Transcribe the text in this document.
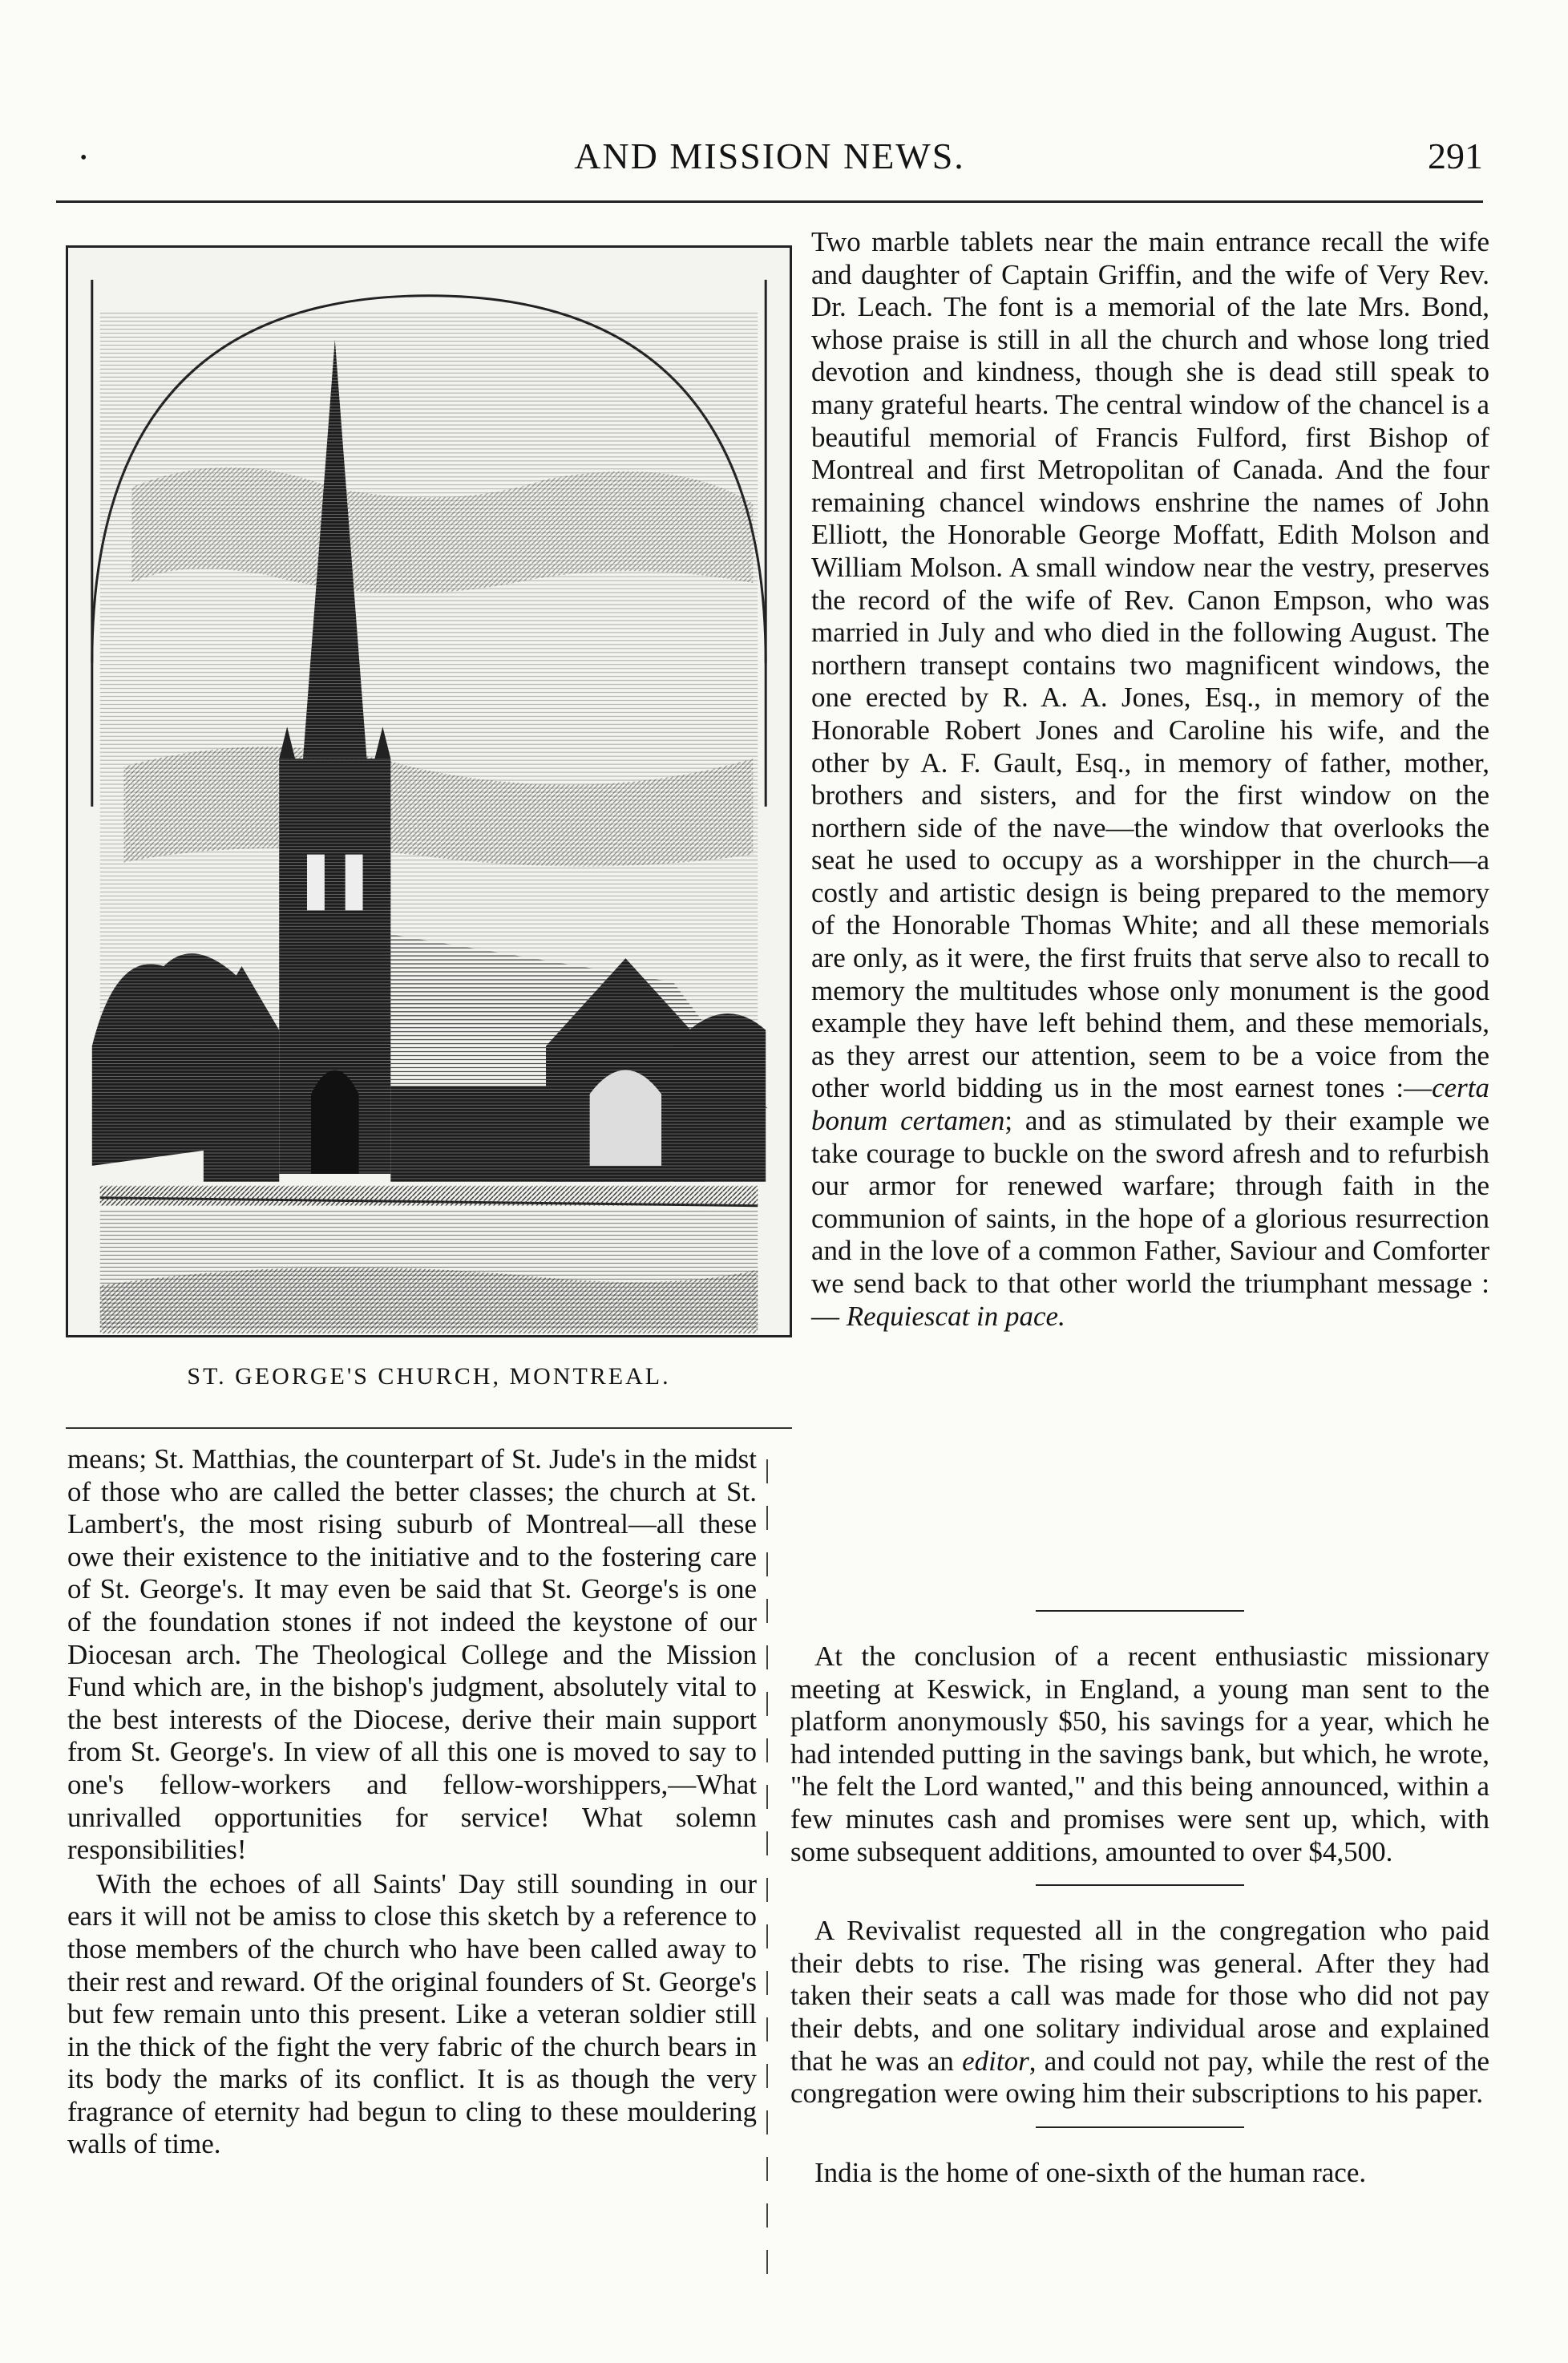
•	AND MISSION NEWS.	291
ST. GEORGE'S CHURCH, MONTREAL.

Two marble tablets near the main entrance recall the wife and daughter of Captain Griffin, and the wife of Very Rev. Dr. Leach. The font is a memorial of the late Mrs. Bond, whose praise is still in all the church and whose long tried devotion and kindness, though she is dead still speak to many grateful hearts. The central window of the chancel is a beautiful memorial of Francis Fulford, first Bishop of Montreal and first Metropolitan of Canada. And the four remaining chancel windows enshrine the names of John Elliott, the Honorable George Moffatt, Edith Molson and William Molson. A small window near the vestry, preserves the record of the wife of Rev. Canon Empson, who was married in July and who died in the following August. The northern transept contains two magnificent windows, the one erected by R. A. A. Jones, Esq., in memory of the Honorable Robert Jones and Caroline his wife, and the other by A. F. Gault, Esq., in memory of father, mother, brothers and sisters, and for the first window on the northern side of the nave—the window that overlooks the seat he used to occupy as a worshipper in the church—a costly and artistic design is being prepared to the memory of the Honorable Thomas White; and all these memorials are only, as it were, the first fruits that serve also to recall to memory the multitudes whose only monument is the good example they have left behind them, and these memorials, as they arrest our attention, seem to be a voice from the other world bidding us in the most earnest tones :—certa bonum certamen; and as stimulated by their example we take courage to buckle on the sword afresh and to refurbish our armor for renewed warfare; through faith in the communion of saints, in the hope of a glorious resurrection and in the love of a common Father, Saviour and Comforter we send back to that other world the triumphant message :— Requiescat in pace.

means; St. Matthias, the counterpart of St. Jude's in the midst of those who are called the better classes; the church at St. Lambert's, the most rising suburb of Montreal—all these owe their existence to the initiative and to the fostering care of St. George's. It may even be said that St. George's is one of the foundation stones if not indeed the keystone of our Diocesan arch. The Theological College and the Mission Fund which are, in the bishop's judgment, absolutely vital to the best interests of the Diocese, derive their main support from St. George's. In view of all this one is moved to say to one's fellow-workers and fellow-worshippers,—What unrivalled opportunities for service! What solemn responsibilities!

With the echoes of all Saints' Day still sounding in our ears it will not be amiss to close this sketch by a reference to those members of the church who have been called away to their rest and reward. Of the original founders of St. George's but few remain unto this present. Like a veteran soldier still in the thick of the fight the very fabric of the church bears in its body the marks of its conflict. It is as though the very fragrance of eternity had begun to cling to these mouldering walls of time.

At the conclusion of a recent enthusiastic missionary meeting at Keswick, in England, a young man sent to the platform anonymously $50, his savings for a year, which he had intended putting in the savings bank, but which, he wrote, "he felt the Lord wanted," and this being announced, within a few minutes cash and promises were sent up, which, with some subsequent additions, amounted to over $4,500.

A Revivalist requested all in the congregation who paid their debts to rise. The rising was general. After they had taken their seats a call was made for those who did not pay their debts, and one solitary individual arose and explained that he was an editor, and could not pay, while the rest of the congregation were owing him their subscriptions to his paper.

India is the home of one-sixth of the human race.
